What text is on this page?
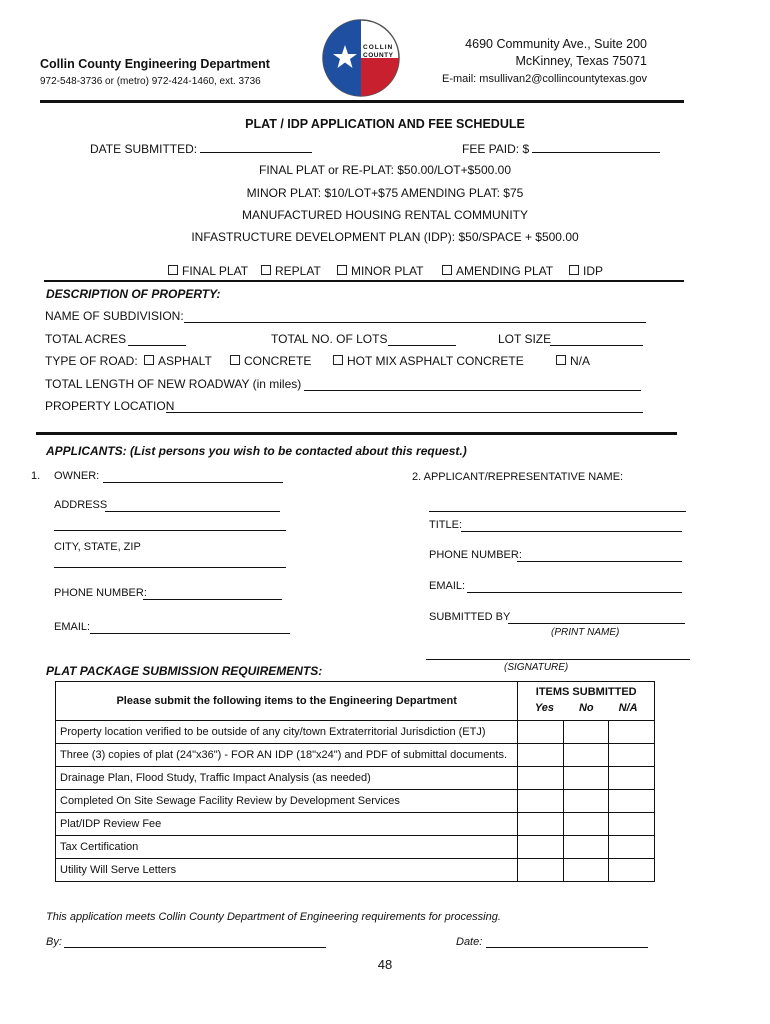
Collin County Engineering Department
972-548-3736 or (metro) 972-424-1460, ext. 3736
COLLIN
COUNTY
4690 Community Ave., Suite 200
McKinney, Texas 75071
E-mail: msullivan2@collincountytexas.gov
PLAT / IDP APPLICATION AND FEE SCHEDULE
DATE SUBMITTED:	FEE PAID: $
FINAL PLAT or RE-PLAT: $50.00/LOT+$500.00
MINOR PLAT: $10/LOT+$75 AMENDING PLAT: $75
MANUFACTURED HOUSING RENTAL COMMUNITY
INFASTRUCTURE DEVELOPMENT PLAN (IDP): $50/SPACE + $500.00
FINAL PLAT	REPLAT	MINOR PLAT	AMENDING PLAT	IDP
DESCRIPTION OF PROPERTY:
NAME OF SUBDIVISION:
TOTAL ACRES	TOTAL NO. OF LOTS	LOT SIZE
TYPE OF ROAD:	ASPHALT	CONCRETE	HOT MIX ASPHALT CONCRETE	N/A
TOTAL LENGTH OF NEW ROADWAY (in miles)
PROPERTY LOCATION
APPLICANTS: (List persons you wish to be contacted about this request.)
1. OWNER:
ADDRESS
CITY, STATE, ZIP
PHONE NUMBER:
EMAIL:
2. APPLICANT/REPRESENTATIVE NAME:
TITLE:
PHONE NUMBER:
EMAIL:
SUBMITTED BY
(PRINT NAME)
(SIGNATURE)
PLAT PACKAGE SUBMISSION REQUIREMENTS:
Please submit the following items to the Engineering Department	ITEMS SUBMITTED
Yes No N/A		

Property location verified to be outside of any city/town Extraterritorial Jurisdiction (ETJ)			
Three (3) copies of plat (24"x36") - FOR AN IDP (18"x24") and PDF of submittal documents.			
Drainage Plan, Flood Study, Traffic Impact Analysis (as needed)			
Completed On Site Sewage Facility Review by Development Services			
Plat/IDP Review Fee			
Tax Certification			
Utility Will Serve Letters			
This application meets Collin County Department of Engineering requirements for processing.
By:	Date:
48
